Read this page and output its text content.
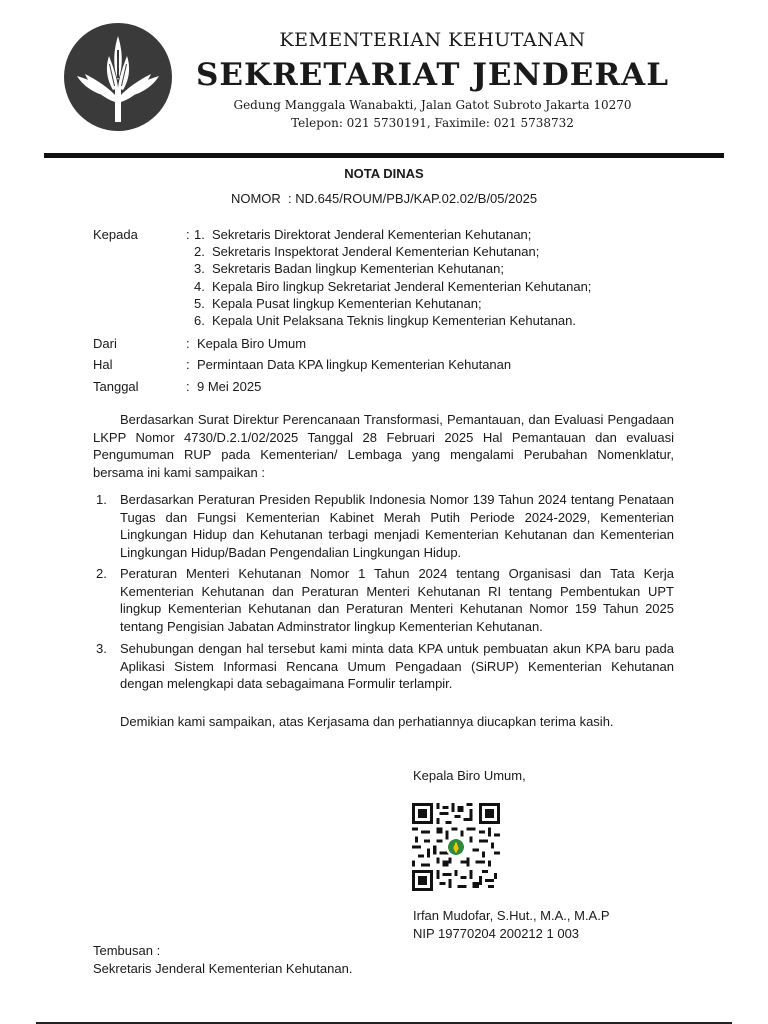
KEMENTERIAN KEHUTANAN
SEKRETARIAT JENDERAL
Gedung Manggala Wanabakti, Jalan Gatot Subroto Jakarta 10270
Telepon: 021 5730191, Faximile: 021 5738732
NOTA DINAS
NOMOR  : ND.645/ROUM/PBJ/KAP.02.02/B/05/2025
Kepada	: 1. Sekretaris Direktorat Jenderal Kementerian Kehutanan;
2. Sekretaris Inspektorat Jenderal Kementerian Kehutanan;
3. Sekretaris Badan lingkup Kementerian Kehutanan;
4. Kepala Biro lingkup Sekretariat Jenderal Kementerian Kehutanan;
5. Kepala Pusat lingkup Kementerian Kehutanan;
6. Kepala Unit Pelaksana Teknis lingkup Kementerian Kehutanan.
Dari	: Kepala Biro Umum
Hal	: Permintaan Data KPA lingkup Kementerian Kehutanan
Tanggal	: 9 Mei 2025
Berdasarkan Surat Direktur Perencanaan Transformasi, Pemantauan, dan Evaluasi Pengadaan LKPP Nomor 4730/D.2.1/02/2025 Tanggal 28 Februari 2025 Hal Pemantauan dan evaluasi Pengumuman RUP pada Kementerian/ Lembaga yang mengalami Perubahan Nomenklatur, bersama ini kami sampaikan :
1. Berdasarkan Peraturan Presiden Republik Indonesia Nomor 139 Tahun 2024 tentang Penataan Tugas dan Fungsi Kementerian Kabinet Merah Putih Periode 2024-2029, Kementerian Lingkungan Hidup dan Kehutanan terbagi menjadi Kementerian Kehutanan dan Kementerian Lingkungan Hidup/Badan Pengendalian Lingkungan Hidup.
2. Peraturan Menteri Kehutanan Nomor 1 Tahun 2024 tentang Organisasi dan Tata Kerja Kementerian Kehutanan dan Peraturan Menteri Kehutanan RI tentang Pembentukan UPT lingkup Kementerian Kehutanan dan Peraturan Menteri Kehutanan Nomor 159 Tahun 2025 tentang Pengisian Jabatan Adminstrator lingkup Kementerian Kehutanan.
3. Sehubungan dengan hal tersebut kami minta data KPA untuk pembuatan akun KPA baru pada Aplikasi Sistem Informasi Rencana Umum Pengadaan (SiRUP) Kementerian Kehutanan dengan melengkapi data sebagaimana Formulir terlampir.
Demikian kami sampaikan, atas Kerjasama dan perhatiannya diucapkan terima kasih.
Kepala Biro Umum,
Irfan Mudofar, S.Hut., M.A., M.A.P
NIP 19770204 200212 1 003
Tembusan :
Sekretaris Jenderal Kementerian Kehutanan.
